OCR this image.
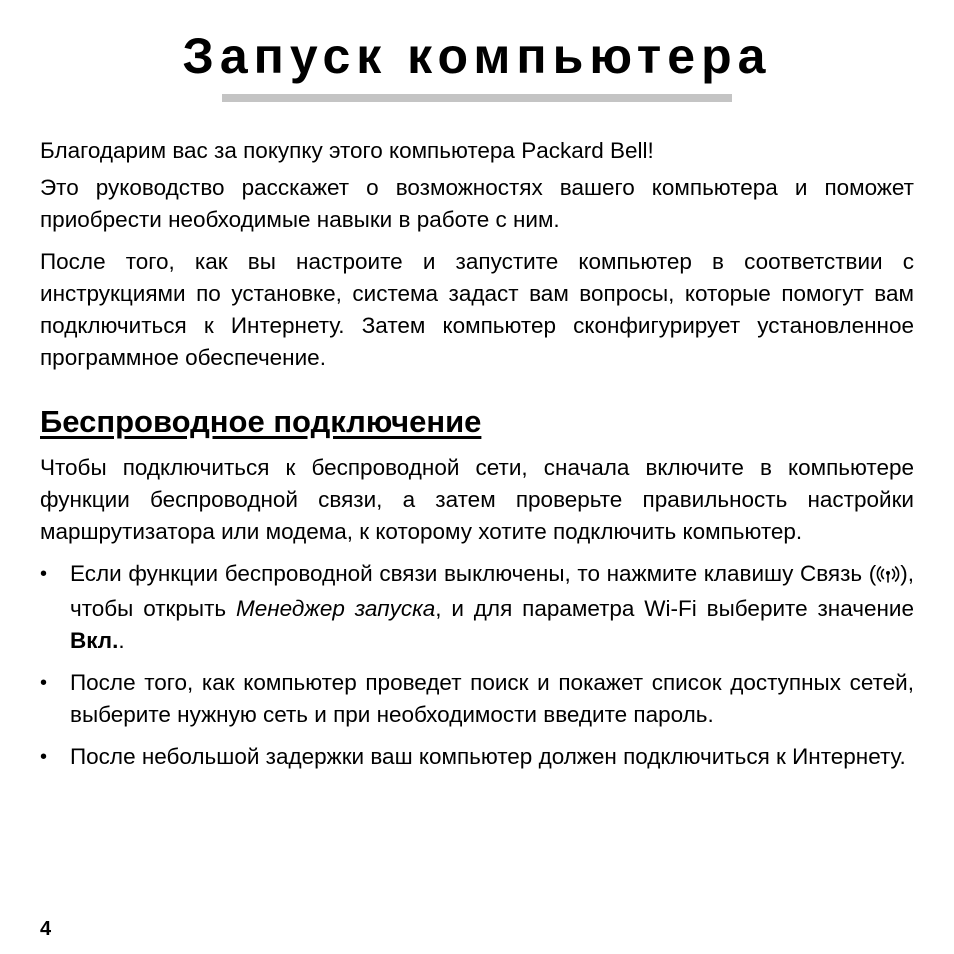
Запуск компьютера

Благодарим вас за покупку этого компьютера Packard Bell!

Это руководство расскажет о возможностях вашего компьютера и поможет приобрести необходимые навыки в работе с ним.

После того, как вы настроите и запустите компьютер в соответствии с инструкциями по установке, система задаст вам вопросы, которые помогут вам подключиться к Интернету. Затем компьютер сконфигурирует установленное программное обеспечение.

Беспроводное подключение

Чтобы подключиться к беспроводной сети, сначала включите в компьютере функции беспроводной связи, а затем проверьте правильность настройки маршрутизатора или модема, к которому хотите подключить компьютер.

• Если функции беспроводной связи выключены, то нажмите клавишу Связь ( ), чтобы открыть Менеджер запуска, и для параметра Wi-Fi выберите значение Вкл..
• После того, как компьютер проведет поиск и покажет список доступных сетей, выберите нужную сеть и при необходимости введите пароль.
• После небольшой задержки ваш компьютер должен подключиться к Интернету.
4
